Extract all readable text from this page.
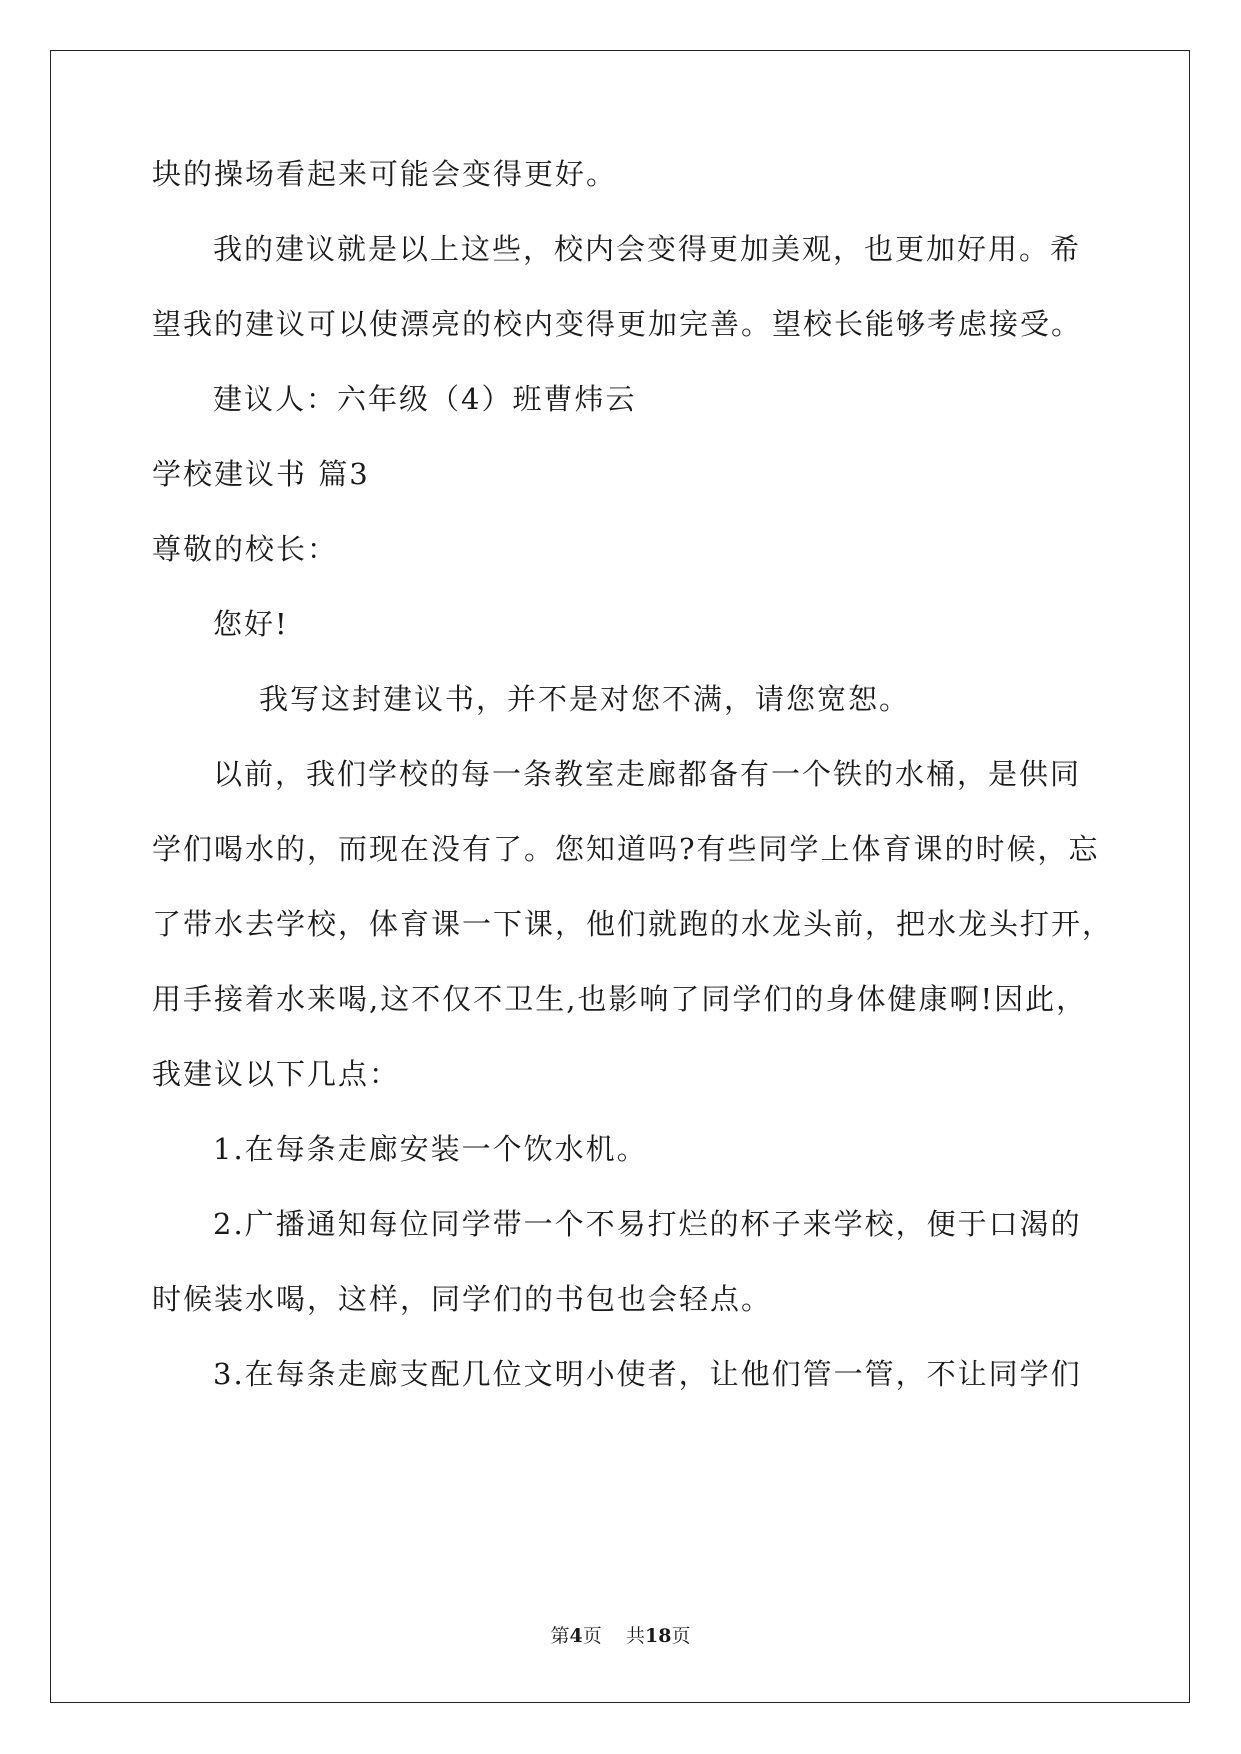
块的操场看起来可能会变得更好。
我的建议就是以上这些，校内会变得更加美观，也更加好用。希
望我的建议可以使漂亮的校内变得更加完善。望校长能够考虑接受。
建议人：六年级（4）班曹炜云
学校建议书 篇3
尊敬的校长：
您好!
我写这封建议书，并不是对您不满，请您宽恕。
以前，我们学校的每一条教室走廊都备有一个铁的水桶，是供同
学们喝水的，而现在没有了。您知道吗?有些同学上体育课的时候，忘
了带水去学校，体育课一下课，他们就跑的水龙头前，把水龙头打开，
用手接着水来喝,这不仅不卫生,也影响了同学们的身体健康啊!因此，
我建议以下几点：
1.在每条走廊安装一个饮水机。
2.广播通知每位同学带一个不易打烂的杯子来学校，便于口渴的
时候装水喝，这样，同学们的书包也会轻点。
3.在每条走廊支配几位文明小使者，让他们管一管，不让同学们
第4页 共18页
